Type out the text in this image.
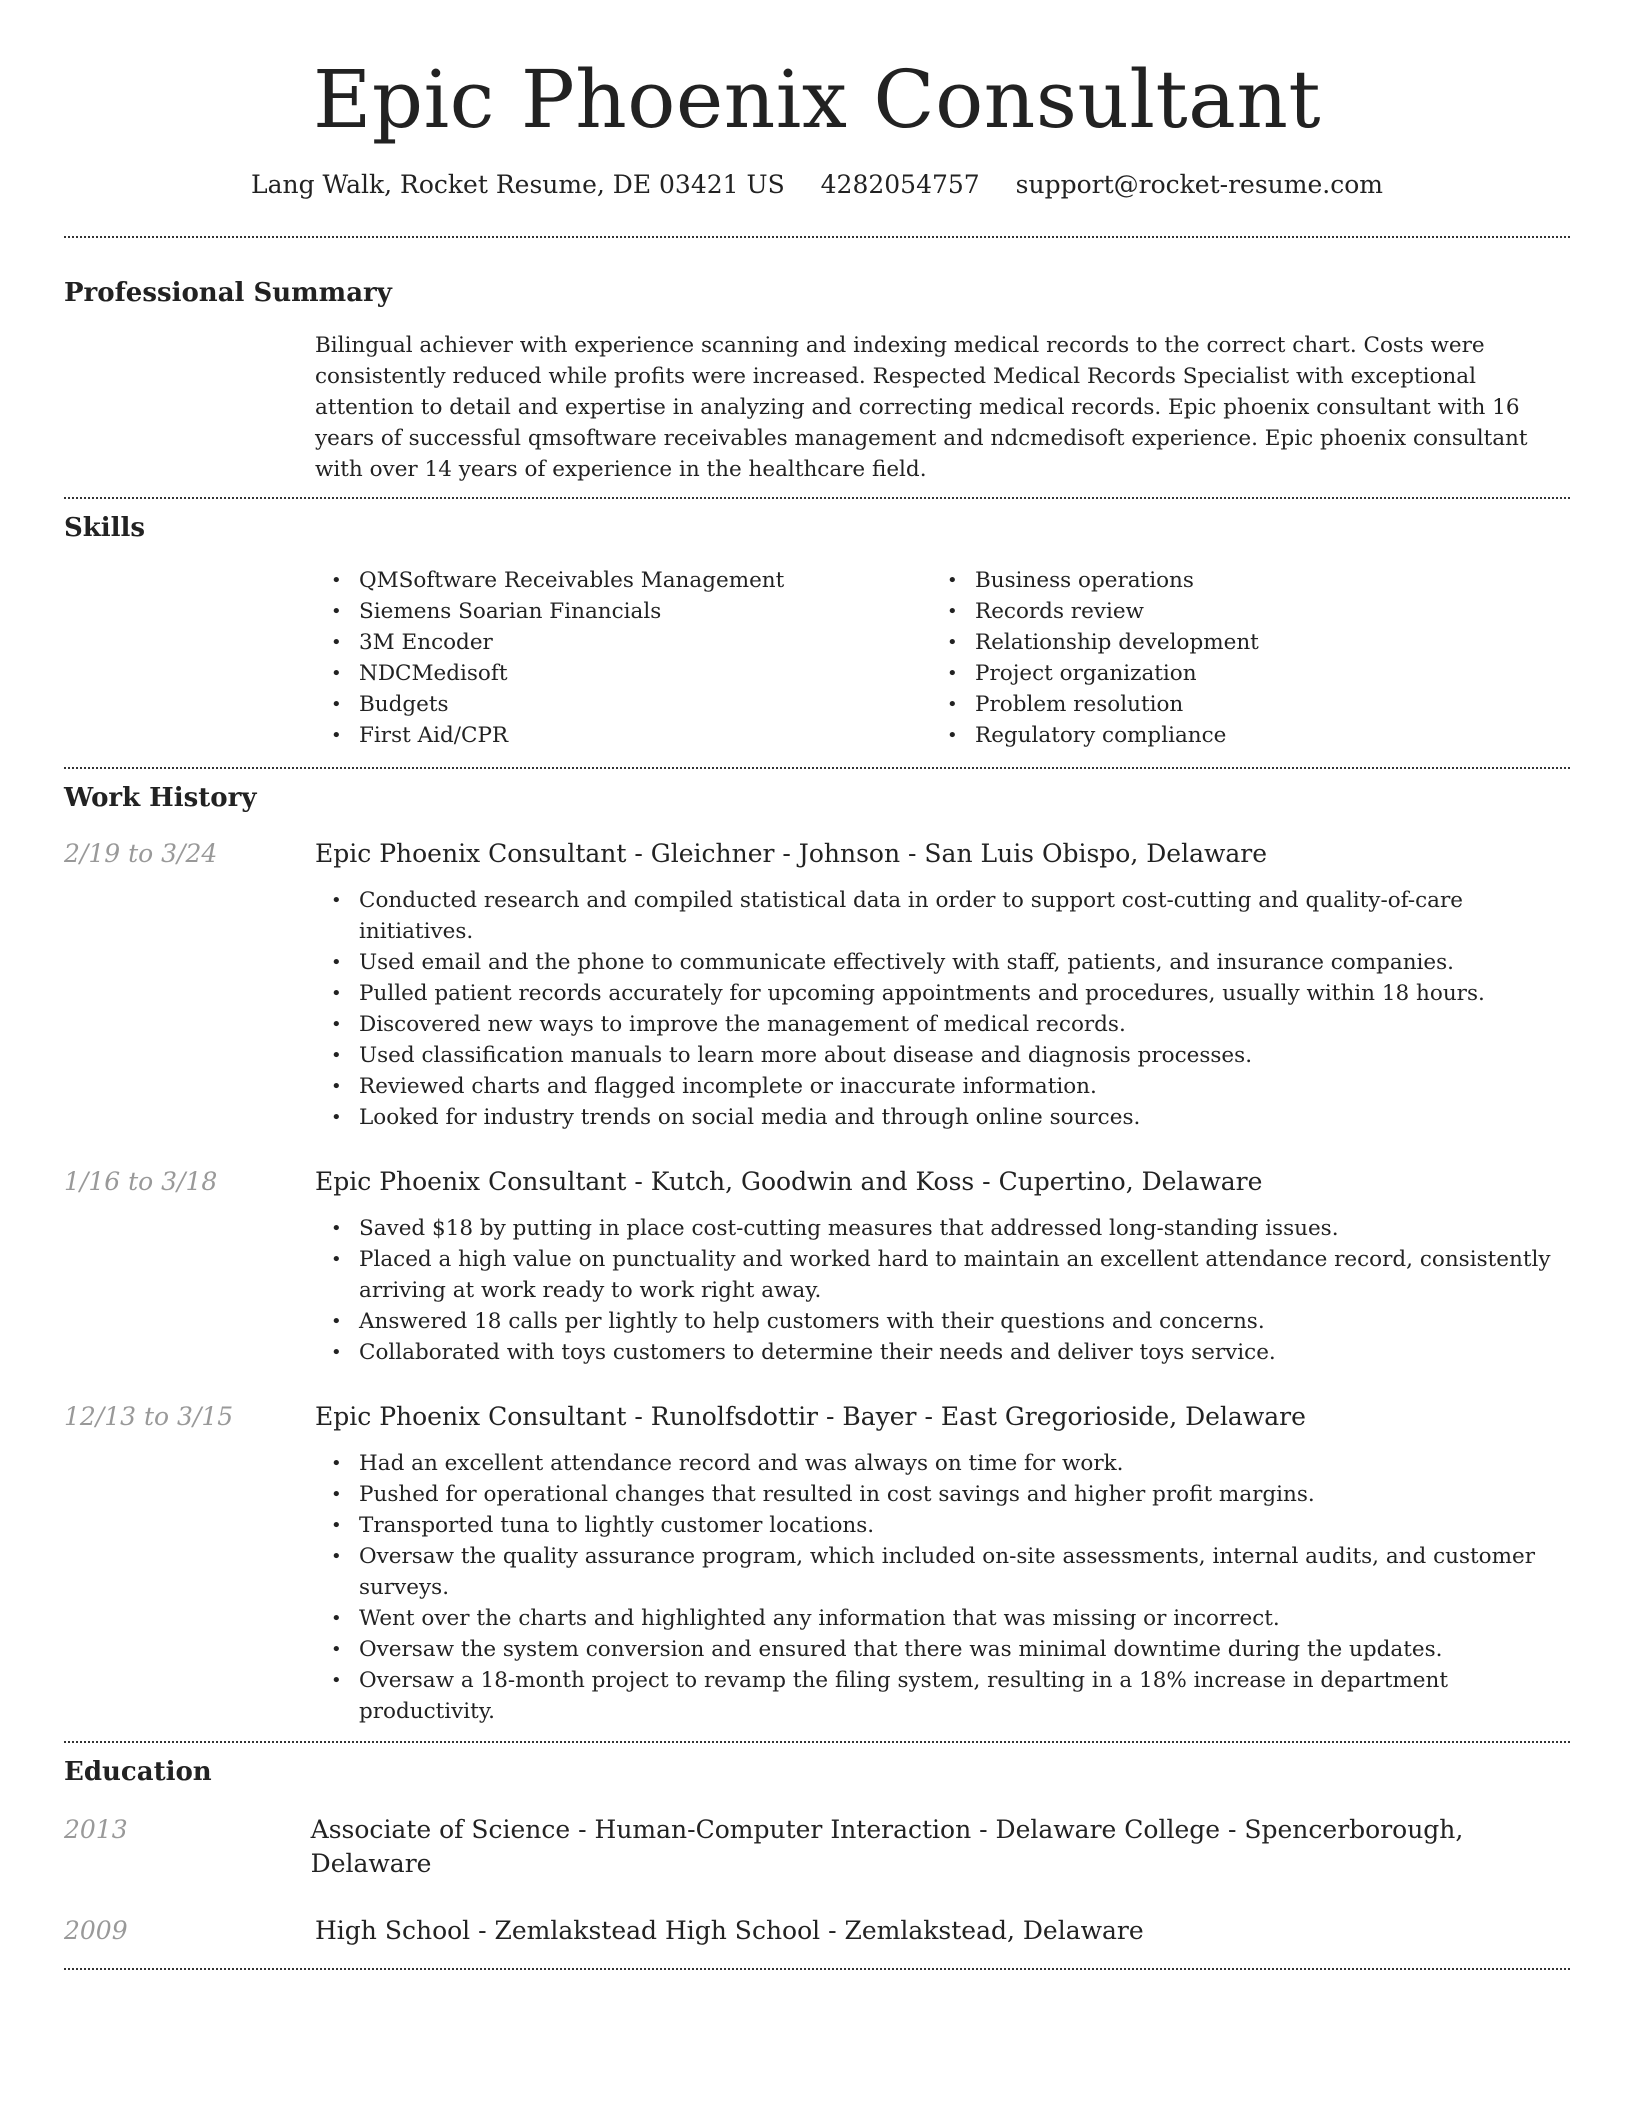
Epic Phoenix Consultant
Lang Walk, Rocket Resume, DE 03421 US 4282054757 support@rocket-resume.com
Professional Summary

Bilingual achiever with experience scanning and indexing medical records to the correct chart. Costs were consistently reduced while profits were increased. Respected Medical Records Specialist with exceptional attention to detail and expertise in analyzing and correcting medical records. Epic phoenix consultant with 16 years of successful qmsoftware receivables management and ndcmedisoft experience. Epic phoenix consultant with over 14 years of experience in the healthcare field.

Skills
• QMSoftware Receivables Management
• Siemens Soarian Financials
• 3M Encoder
• NDCMedisoft
• Budgets
• First Aid/CPR
• Business operations
• Records review
• Relationship development
• Project organization
• Problem resolution
• Regulatory compliance
Work History
2/19 to 3/24	Epic Phoenix Consultant - Gleichner - Johnson - San Luis Obispo, Delaware
• Conducted research and compiled statistical data in order to support cost-cutting and quality-of-care initiatives.
• Used email and the phone to communicate effectively with staff, patients, and insurance companies.
• Pulled patient records accurately for upcoming appointments and procedures, usually within 18 hours.
• Discovered new ways to improve the management of medical records.
• Used classification manuals to learn more about disease and diagnosis processes.
• Reviewed charts and flagged incomplete or inaccurate information.
• Looked for industry trends on social media and through online sources.
1/16 to 3/18	Epic Phoenix Consultant - Kutch, Goodwin and Koss - Cupertino, Delaware
• Saved $18 by putting in place cost-cutting measures that addressed long-standing issues.
• Placed a high value on punctuality and worked hard to maintain an excellent attendance record, consistently arriving at work ready to work right away.
• Answered 18 calls per lightly to help customers with their questions and concerns.
• Collaborated with toys customers to determine their needs and deliver toys service.
12/13 to 3/15	Epic Phoenix Consultant - Runolfsdottir - Bayer - East Gregorioside, Delaware
• Had an excellent attendance record and was always on time for work.
• Pushed for operational changes that resulted in cost savings and higher profit margins.
• Transported tuna to lightly customer locations.
• Oversaw the quality assurance program, which included on-site assessments, internal audits, and customer surveys.
• Went over the charts and highlighted any information that was missing or incorrect.
• Oversaw the system conversion and ensured that there was minimal downtime during the updates.
• Oversaw a 18-month project to revamp the filing system, resulting in a 18% increase in department productivity.
Education
2013	Associate of Science - Human-Computer Interaction - Delaware College - Spencerborough, Delaware
2009	High School - Zemlakstead High School - Zemlakstead, Delaware
